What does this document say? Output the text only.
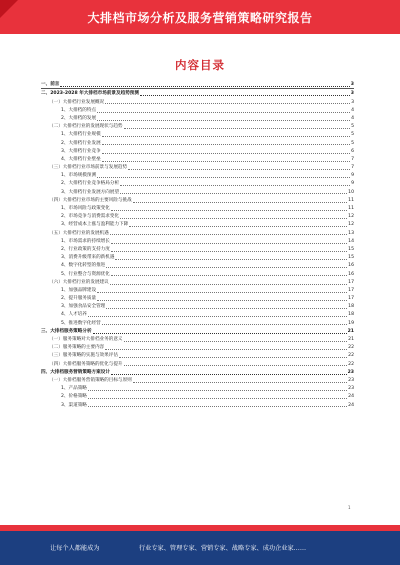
大排档市场分析及服务营销策略研究报告
内容目录
一、前言	3
二、2023-2028 年大排档市场前景及趋势预测	3
（一）大排档行业发展概况	3
1、大排档的特点	4
2、大排档的发展	4
（二）大排档行业的发展现状与趋势	5
1、大排档行业规模	5
2、大排档行业发展	5
3、大排档行业竞争	6
4、大排档行业壁垒	7
（三）大排档行业市场前景与发展趋势	7
1、市场规模预测	9
2、大排档行业竞争格局分析	9
3、大排档行业发展方向展望	10
（四）大排档行业市场的主要风险与挑战	11
1、市场风险与政策变化	11
2、市场竞争与消费需求变化	12
3、经营成本上涨与盈利能力下降	12
（五）大排档行业的发展机遇	13
1、市场需求的持续增长	14
2、行业政策的支持力度	15
3、消费升级带来的新机遇	15
4、数字化转型的推进	16
5、行业整合与资源优化	16
（六）大排档行业的发展建议	17
1、加强品牌建设	17
2、提升服务质量	17
3、加强食品安全管理	18
4、人才培养	18
5、推进数字化经营	19
三、大排档服务策略分析	21
（一）服务策略对大排档业务的意义	21
（二）服务策略的主要内容	22
（三）服务策略的实施与效果评估	22
（四）大排档服务策略的优化与提升	22
四、大排档服务营销策略方案设计	23
（一）大排档服务营销策略的目标与原则	23
1、产品策略	23
2、价格策略	24
3、渠道策略	24
1
让每个人都能成为	行业专家、管理专家、营销专家、战略专家、成功企业家……
